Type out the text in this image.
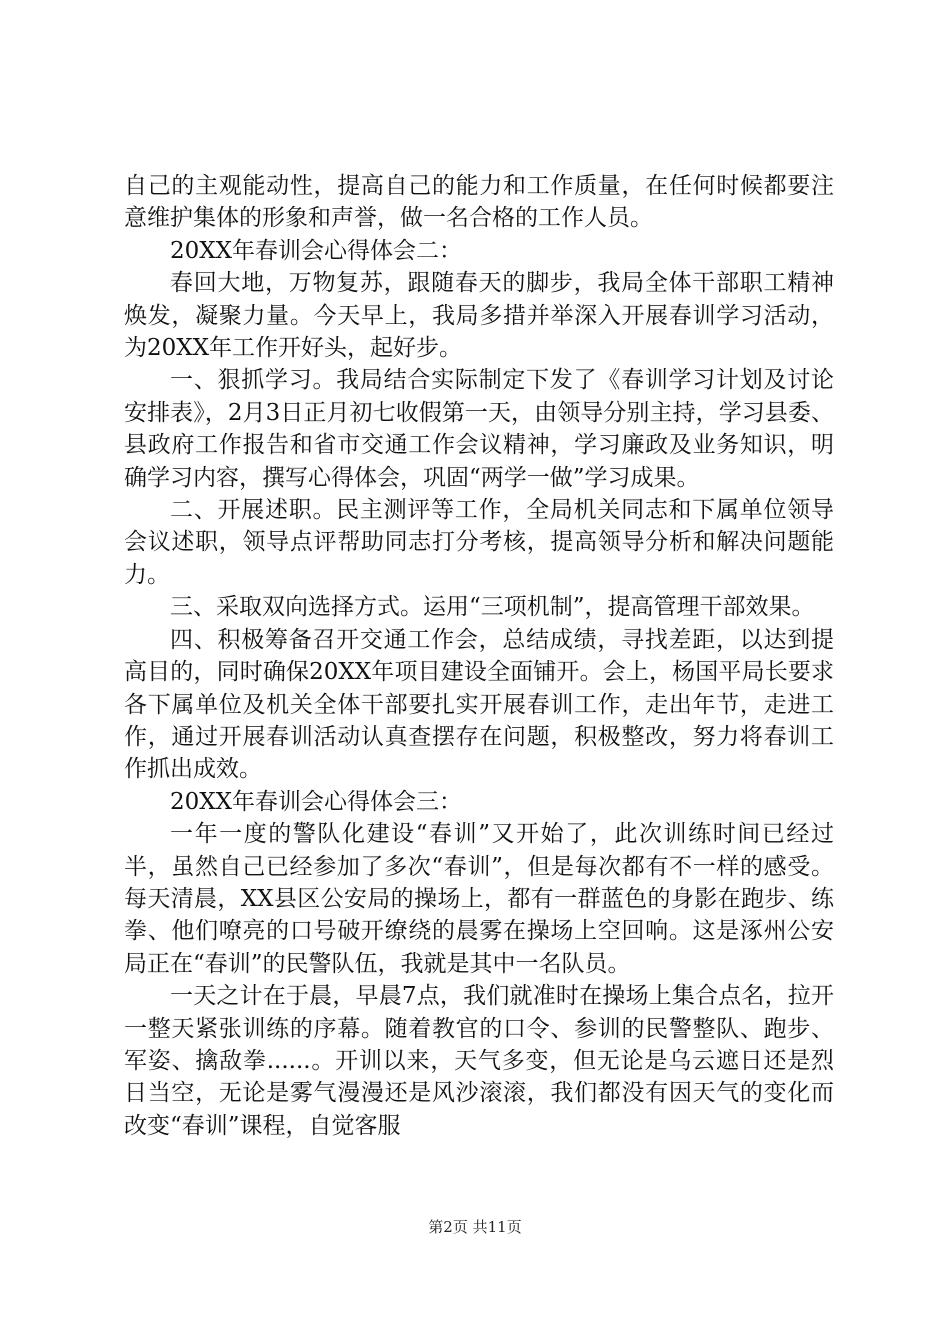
自己的主观能动性，提高自己的能力和工作质量，在任何时候都要注意维护集体的形象和声誉，做一名合格的工作人员。

20XX年春训会心得体会二：

春回大地，万物复苏，跟随春天的脚步，我局全体干部职工精神焕发，凝聚力量。今天早上，我局多措并举深入开展春训学习活动，为20XX年工作开好头，起好步。

一、狠抓学习。我局结合实际制定下发了《春训学习计划及讨论安排表》，2月3日正月初七收假第一天，由领导分别主持，学习县委、县政府工作报告和省市交通工作会议精神，学习廉政及业务知识，明确学习内容，撰写心得体会，巩固“两学一做”学习成果。

二、开展述职。民主测评等工作，全局机关同志和下属单位领导会议述职，领导点评帮助同志打分考核，提高领导分析和解决问题能力。

三、采取双向选择方式。运用“三项机制”，提高管理干部效果。

四、积极筹备召开交通工作会，总结成绩，寻找差距，以达到提高目的，同时确保20XX年项目建设全面铺开。会上，杨国平局长要求各下属单位及机关全体干部要扎实开展春训工作，走出年节，走进工作，通过开展春训活动认真查摆存在问题，积极整改，努力将春训工作抓出成效。

20XX年春训会心得体会三：

一年一度的警队化建设“春训”又开始了，此次训练时间已经过半，虽然自己已经参加了多次“春训”，但是每次都有不一样的感受。每天清晨，XX县区公安局的操场上，都有一群蓝色的身影在跑步、练拳、他们嘹亮的口号破开缭绕的晨雾在操场上空回响。这是涿州公安局正在“春训”的民警队伍，我就是其中一名队员。

一天之计在于晨，早晨7点，我们就准时在操场上集合点名，拉开一整天紧张训练的序幕。随着教官的口令、参训的民警整队、跑步、军姿、擒敌拳......。开训以来，天气多变，但无论是乌云遮日还是烈日当空，无论是雾气漫漫还是风沙滚滚，我们都没有因天气的变化而改变“春训”课程，自觉客服

第2页 共11页
